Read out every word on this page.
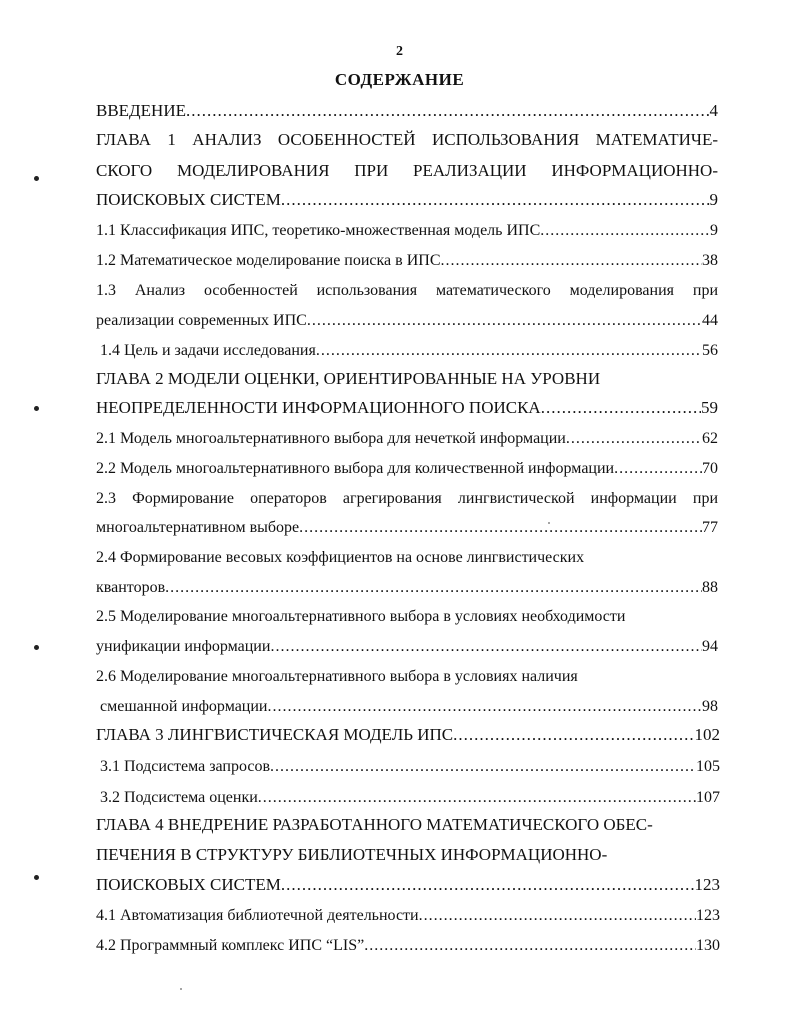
2
СОДЕРЖАНИЕ
ВВЕДЕНИЕ .....	4
ГЛАВА 1 АНАЛИЗ ОСОБЕННОСТЕЙ ИСПОЛЬЗОВАНИЯ МАТЕМАТИЧЕ-
СКОГО МОДЕЛИРОВАНИЯ ПРИ РЕАЛИЗАЦИИ ИНФОРМАЦИОННО-
ПОИСКОВЫХ СИСТЕМ .....	9
1.1 Классификация ИПС, теоретико-множественная модель ИПС .....	9
1.2 Математическое моделирование поиска в ИПС .....	38
1.3 Анализ особенностей использования математического моделирования при
реализации современных ИПС .....	44
1.4 Цель и задачи исследования .....	56
ГЛАВА 2 МОДЕЛИ ОЦЕНКИ, ОРИЕНТИРОВАННЫЕ НА УРОВНИ
НЕОПРЕДЕЛЕННОСТИ ИНФОРМАЦИОННОГО ПОИСКА .....	59
2.1 Модель многоальтернативного выбора для нечеткой информации .....	62
2.2 Модель многоальтернативного выбора для количественной информации .....	70
2.3 Формирование операторов агрегирования лингвистической информации при
многоальтернативном выборе .....	77
2.4 Формирование весовых коэффициентов на основе лингвистических
кванторов .....	88
2.5 Моделирование многоальтернативного выбора в условиях необходимости
унификации информации .....	94
2.6 Моделирование многоальтернативного выбора в условиях наличия
смешанной информации .....	98
ГЛАВА 3 ЛИНГВИСТИЧЕСКАЯ МОДЕЛЬ ИПС .....	102
3.1 Подсистема запросов .....	105
3.2 Подсистема оценки .....	107
ГЛАВА 4 ВНЕДРЕНИЕ РАЗРАБОТАННОГО МАТЕМАТИЧЕСКОГО ОБЕС-
ПЕЧЕНИЯ В СТРУКТУРУ БИБЛИОТЕЧНЫХ ИНФОРМАЦИОННО-
ПОИСКОВЫХ СИСТЕМ .....	123
4.1 Автоматизация библиотечной деятельности .....	123
4.2 Программный комплекс ИПС “LIS” .....	130
